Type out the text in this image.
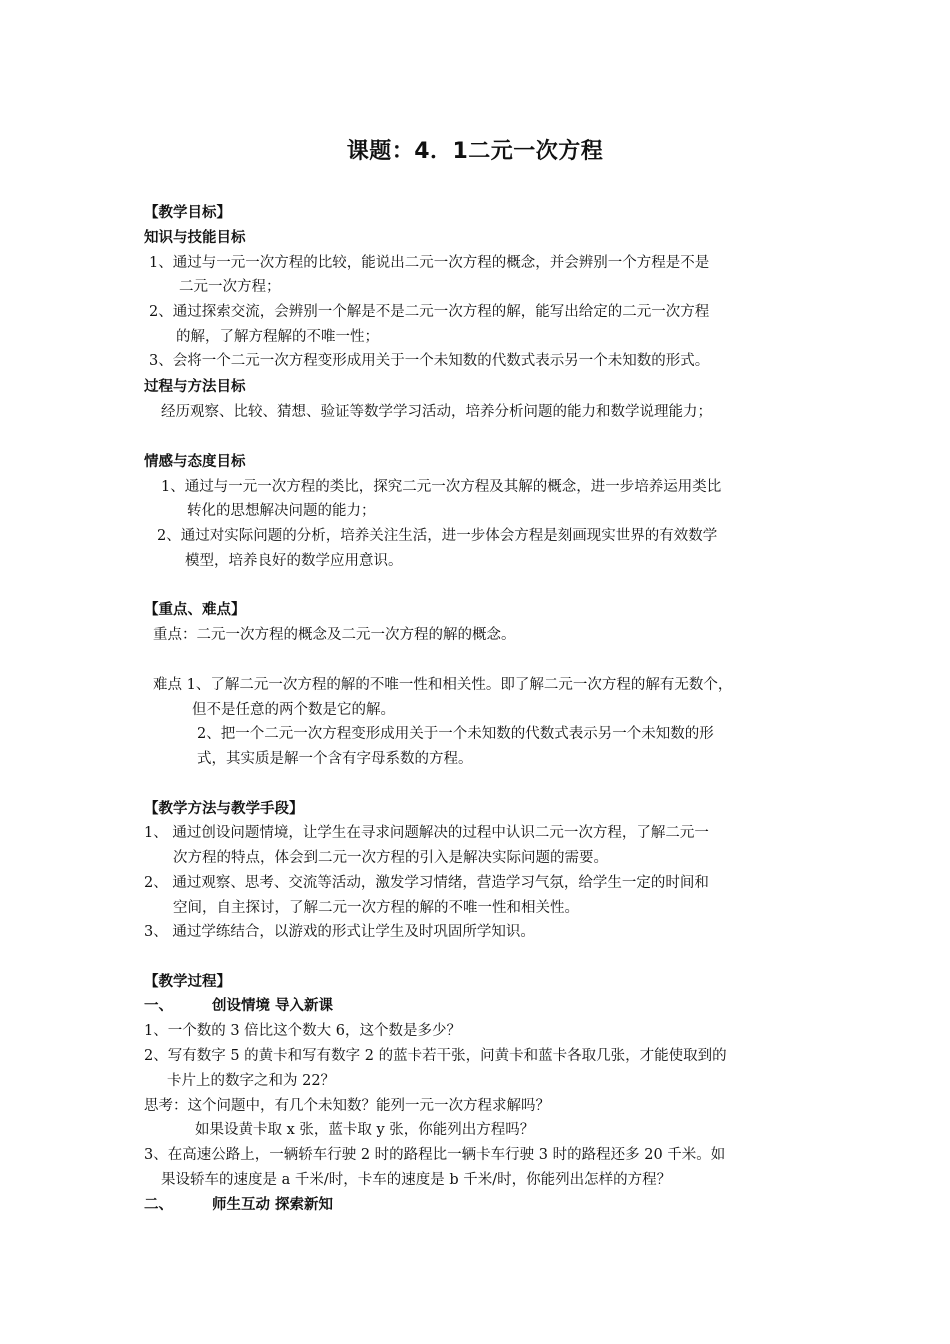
课题：4．1二元一次方程
【教学目标】
知识与技能目标
1、通过与一元一次方程的比较，能说出二元一次方程的概念，并会辨别一个方程是不是
二元一次方程；
2、通过探索交流，会辨别一个解是不是二元一次方程的解，能写出给定的二元一次方程
的解，了解方程解的不唯一性；
3、会将一个二元一次方程变形成用关于一个未知数的代数式表示另一个未知数的形式。
过程与方法目标
经历观察、比较、猜想、验证等数学学习活动，培养分析问题的能力和数学说理能力；
情感与态度目标
1、通过与一元一次方程的类比，探究二元一次方程及其解的概念，进一步培养运用类比
转化的思想解决问题的能力；
2、通过对实际问题的分析，培养关注生活，进一步体会方程是刻画现实世界的有效数学
模型，培养良好的数学应用意识。
【重点、难点】
重点：二元一次方程的概念及二元一次方程的解的概念。
难点 1、了解二元一次方程的解的不唯一性和相关性。即了解二元一次方程的解有无数个，
但不是任意的两个数是它的解。
2、把一个二元一次方程变形成用关于一个未知数的代数式表示另一个未知数的形
式，其实质是解一个含有字母系数的方程。
【教学方法与教学手段】
1、 通过创设问题情境，让学生在寻求问题解决的过程中认识二元一次方程，了解二元一
次方程的特点，体会到二元一次方程的引入是解决实际问题的需要。
2、 通过观察、思考、交流等活动，激发学习情绪，营造学习气氛，给学生一定的时间和
空间，自主探讨，了解二元一次方程的解的不唯一性和相关性。
3、 通过学练结合，以游戏的形式让学生及时巩固所学知识。
【教学过程】
一、	创设情境 导入新课
1、一个数的 3 倍比这个数大 6，这个数是多少？
2、写有数字 5 的黄卡和写有数字 2 的蓝卡若干张，问黄卡和蓝卡各取几张，才能使取到的
卡片上的数字之和为 22？
思考：这个问题中，有几个未知数？能列一元一次方程求解吗？
如果设黄卡取 x 张，蓝卡取 y 张，你能列出方程吗？
3、在高速公路上，一辆轿车行驶 2 时的路程比一辆卡车行驶 3 时的路程还多 20 千米。如
果设轿车的速度是 a 千米/时，卡车的速度是 b 千米/时，你能列出怎样的方程？
二、	师生互动 探索新知
